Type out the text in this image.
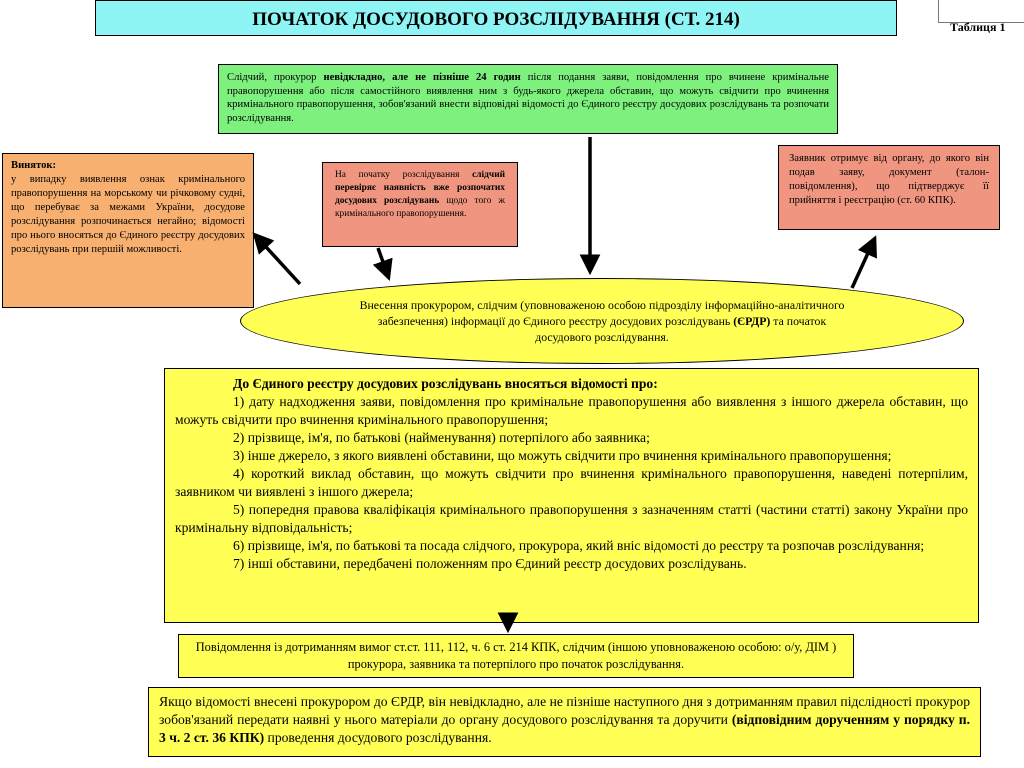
Таблиця 1
ПОЧАТОК ДОСУДОВОГО РОЗСЛІДУВАННЯ (СТ. 214)
Слідчий, прокурор невідкладно, але не пізніше 24 годин після подання заяви, повідомлення про вчинене кримінальне правопорушення або після самостійного виявлення ним з будь-якого джерела обставин, що можуть свідчити про вчинення кримінального правопорушення, зобов'язаний внести відповідні відомості до Єдиного реєстру досудових розслідувань та розпочати розслідування.
Виняток:
у випадку виявлення ознак кримінального правопорушення на морському чи річковому судні, що перебуває за межами України, досудове розслідування розпочинається негайно; відомості про нього вносяться до Єдиного реєстру досудових розслідувань при першій можливості.
На початку розслідування слідчий перевіряє наявність вже розпочатих досудових розслідувань щодо того ж кримінального правопорушення.
Заявник отримує від органу, до якого він подав заяву, документ (талон-повідомлення), що підтверджує її прийняття і реєстрацію (ст. 60 КПК).
Внесення прокурором, слідчим (уповноваженою особою підрозділу інформаційно-аналітичного забезпечення) інформації до Єдиного реєстру досудових розслідувань (ЄРДР) та початок досудового розслідування.

До Єдиного реєстру досудових розслідувань вносяться відомості про:

1) дату надходження заяви, повідомлення про кримінальне правопорушення або виявлення з іншого джерела обставин, що можуть свідчити про вчинення кримінального правопорушення;

2) прізвище, ім'я, по батькові (найменування) потерпілого або заявника;

3) інше джерело, з якого виявлені обставини, що можуть свідчити про вчинення кримінального правопорушення;

4) короткий виклад обставин, що можуть свідчити про вчинення кримінального правопорушення, наведені потерпілим, заявником чи виявлені з іншого джерела;

5) попередня правова кваліфікація кримінального правопорушення з зазначенням статті (частини статті) закону України про кримінальну відповідальність;

6) прізвище, ім'я, по батькові та посада слідчого, прокурора, який вніс відомості до реєстру та розпочав розслідування;

7) інші обставини, передбачені положенням про Єдиний реєстр досудових розслідувань.

Повідомлення із дотриманням вимог ст.ст. 111, 112, ч. 6 ст. 214 КПК, слідчим (іншою уповноваженою особою: о/у, ДІМ ) прокурора, заявника та потерпілого про початок розслідування.
Якщо відомості внесені прокурором до ЄРДР, він невідкладно, але не пізніше наступного дня з дотриманням правил підслідності прокурор зобов'язаний передати наявні у нього матеріали до органу досудового розслідування та доручити (відповідним дорученням у порядку п. 3 ч. 2 ст. 36 КПК) проведення досудового розслідування.
